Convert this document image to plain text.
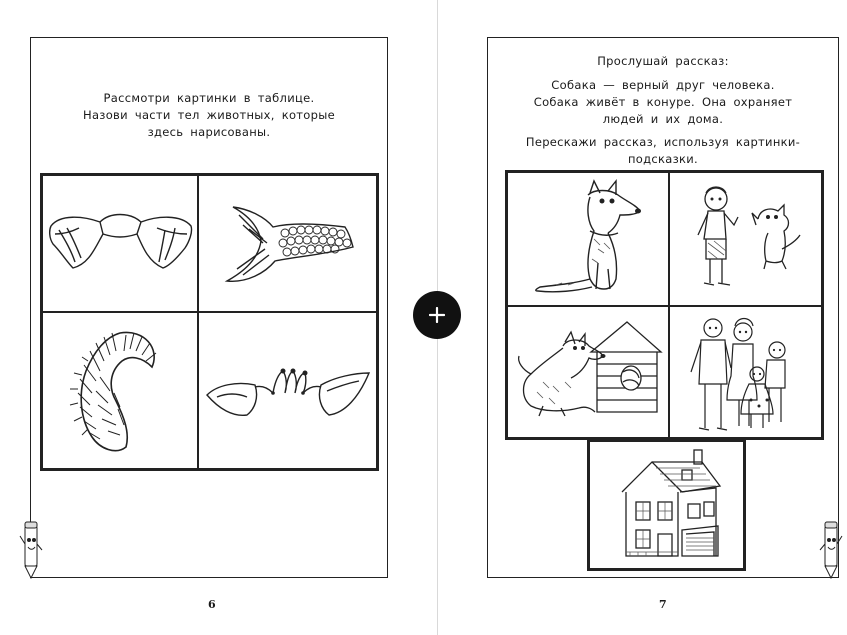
Рассмотри картинки в таблице.
Назови части тел животных, которые
здесь нарисованы.
6
Прослушай рассказ:
Собака — верный друг человека.
Собака живёт в конуре. Она охраняет
людей и их дома.
Перескажи рассказ, используя картинки-подсказки.
7
